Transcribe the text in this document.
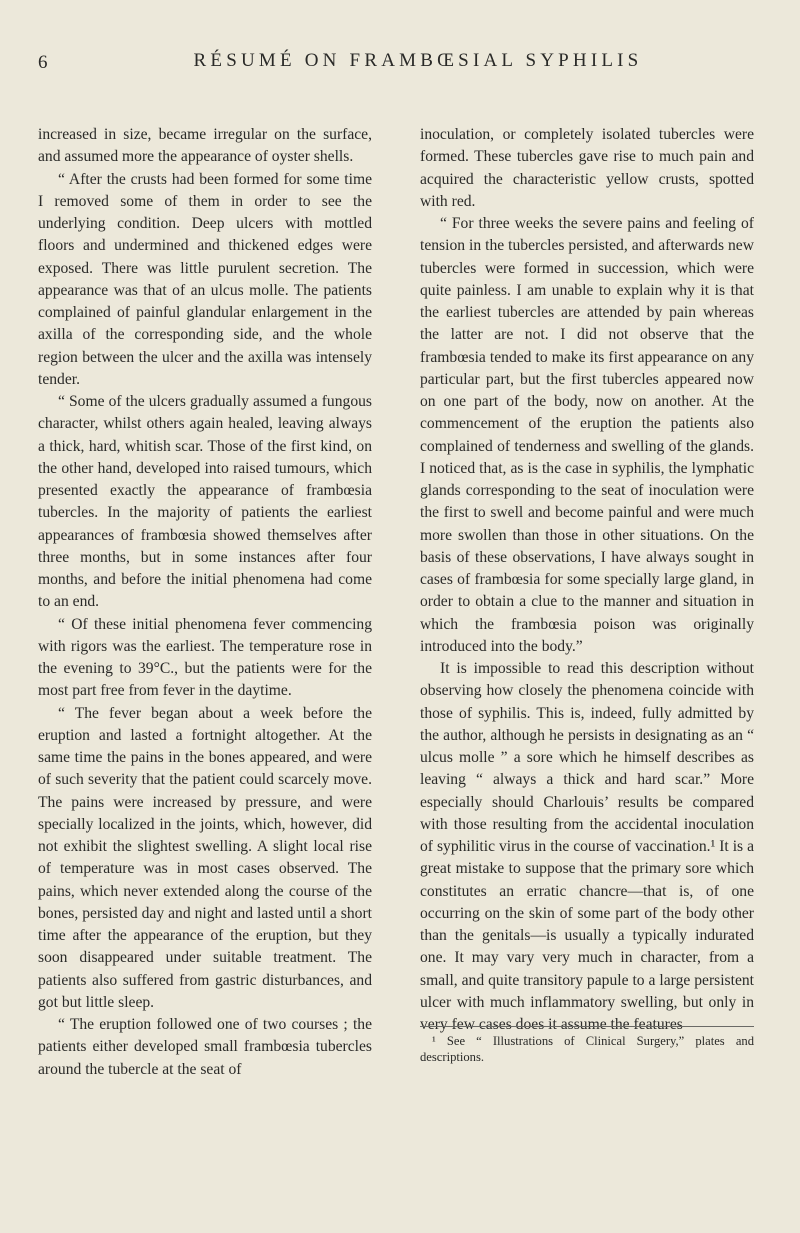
6	RÉSUMÉ ON FRAMBŒSIAL SYPHILIS

increased in size, became irregular on the surface, and assumed more the appearance of oyster shells.

“ After the crusts had been formed for some time I removed some of them in order to see the underlying condition. Deep ulcers with mottled floors and undermined and thickened edges were exposed. There was little purulent secretion. The appearance was that of an ulcus molle. The patients complained of painful glandular enlargement in the axilla of the corresponding side, and the whole region between the ulcer and the axilla was intensely tender.

“ Some of the ulcers gradually assumed a fungous character, whilst others again healed, leaving always a thick, hard, whitish scar. Those of the first kind, on the other hand, developed into raised tumours, which presented exactly the appearance of frambœsia tubercles. In the majority of patients the earliest appearances of frambœsia showed themselves after three months, but in some instances after four months, and before the initial phenomena had come to an end.

“ Of these initial phenomena fever commencing with rigors was the earliest. The temperature rose in the evening to 39°C., but the patients were for the most part free from fever in the daytime.

“ The fever began about a week before the eruption and lasted a fortnight altogether. At the same time the pains in the bones appeared, and were of such severity that the patient could scarcely move. The pains were increased by pressure, and were specially localized in the joints, which, however, did not exhibit the slightest swelling. A slight local rise of temperature was in most cases observed. The pains, which never extended along the course of the bones, persisted day and night and lasted until a short time after the appearance of the eruption, but they soon disappeared under suitable treatment. The patients also suffered from gastric disturbances, and got but little sleep.

“ The eruption followed one of two courses ; the patients either developed small frambœsia tubercles around the tubercle at the seat of

inoculation, or completely isolated tubercles were formed. These tubercles gave rise to much pain and acquired the characteristic yellow crusts, spotted with red.

“ For three weeks the severe pains and feeling of tension in the tubercles persisted, and afterwards new tubercles were formed in succession, which were quite painless. I am unable to explain why it is that the earliest tubercles are attended by pain whereas the latter are not. I did not observe that the frambœsia tended to make its first appearance on any particular part, but the first tubercles appeared now on one part of the body, now on another. At the commencement of the eruption the patients also complained of tenderness and swelling of the glands. I noticed that, as is the case in syphilis, the lymphatic glands corresponding to the seat of inoculation were the first to swell and become painful and were much more swollen than those in other situations. On the basis of these observations, I have always sought in cases of frambœsia for some specially large gland, in order to obtain a clue to the manner and situation in which the frambœsia poison was originally introduced into the body.”

It is impossible to read this description without observing how closely the phenomena coincide with those of syphilis. This is, indeed, fully admitted by the author, although he persists in designating as an “ ulcus molle ” a sore which he himself describes as leaving “ always a thick and hard scar.” More especially should Charlouis’ results be compared with those resulting from the accidental inoculation of syphilitic virus in the course of vaccination.¹ It is a great mistake to suppose that the primary sore which constitutes an erratic chancre—that is, of one occurring on the skin of some part of the body other than the genitals—is usually a typically indurated one. It may vary very much in character, from a small, and quite transitory papule to a large persistent ulcer with much inflammatory swelling, but only in very few cases does it assume the features

¹ See “ Illustrations of Clinical Surgery,” plates and descriptions.
